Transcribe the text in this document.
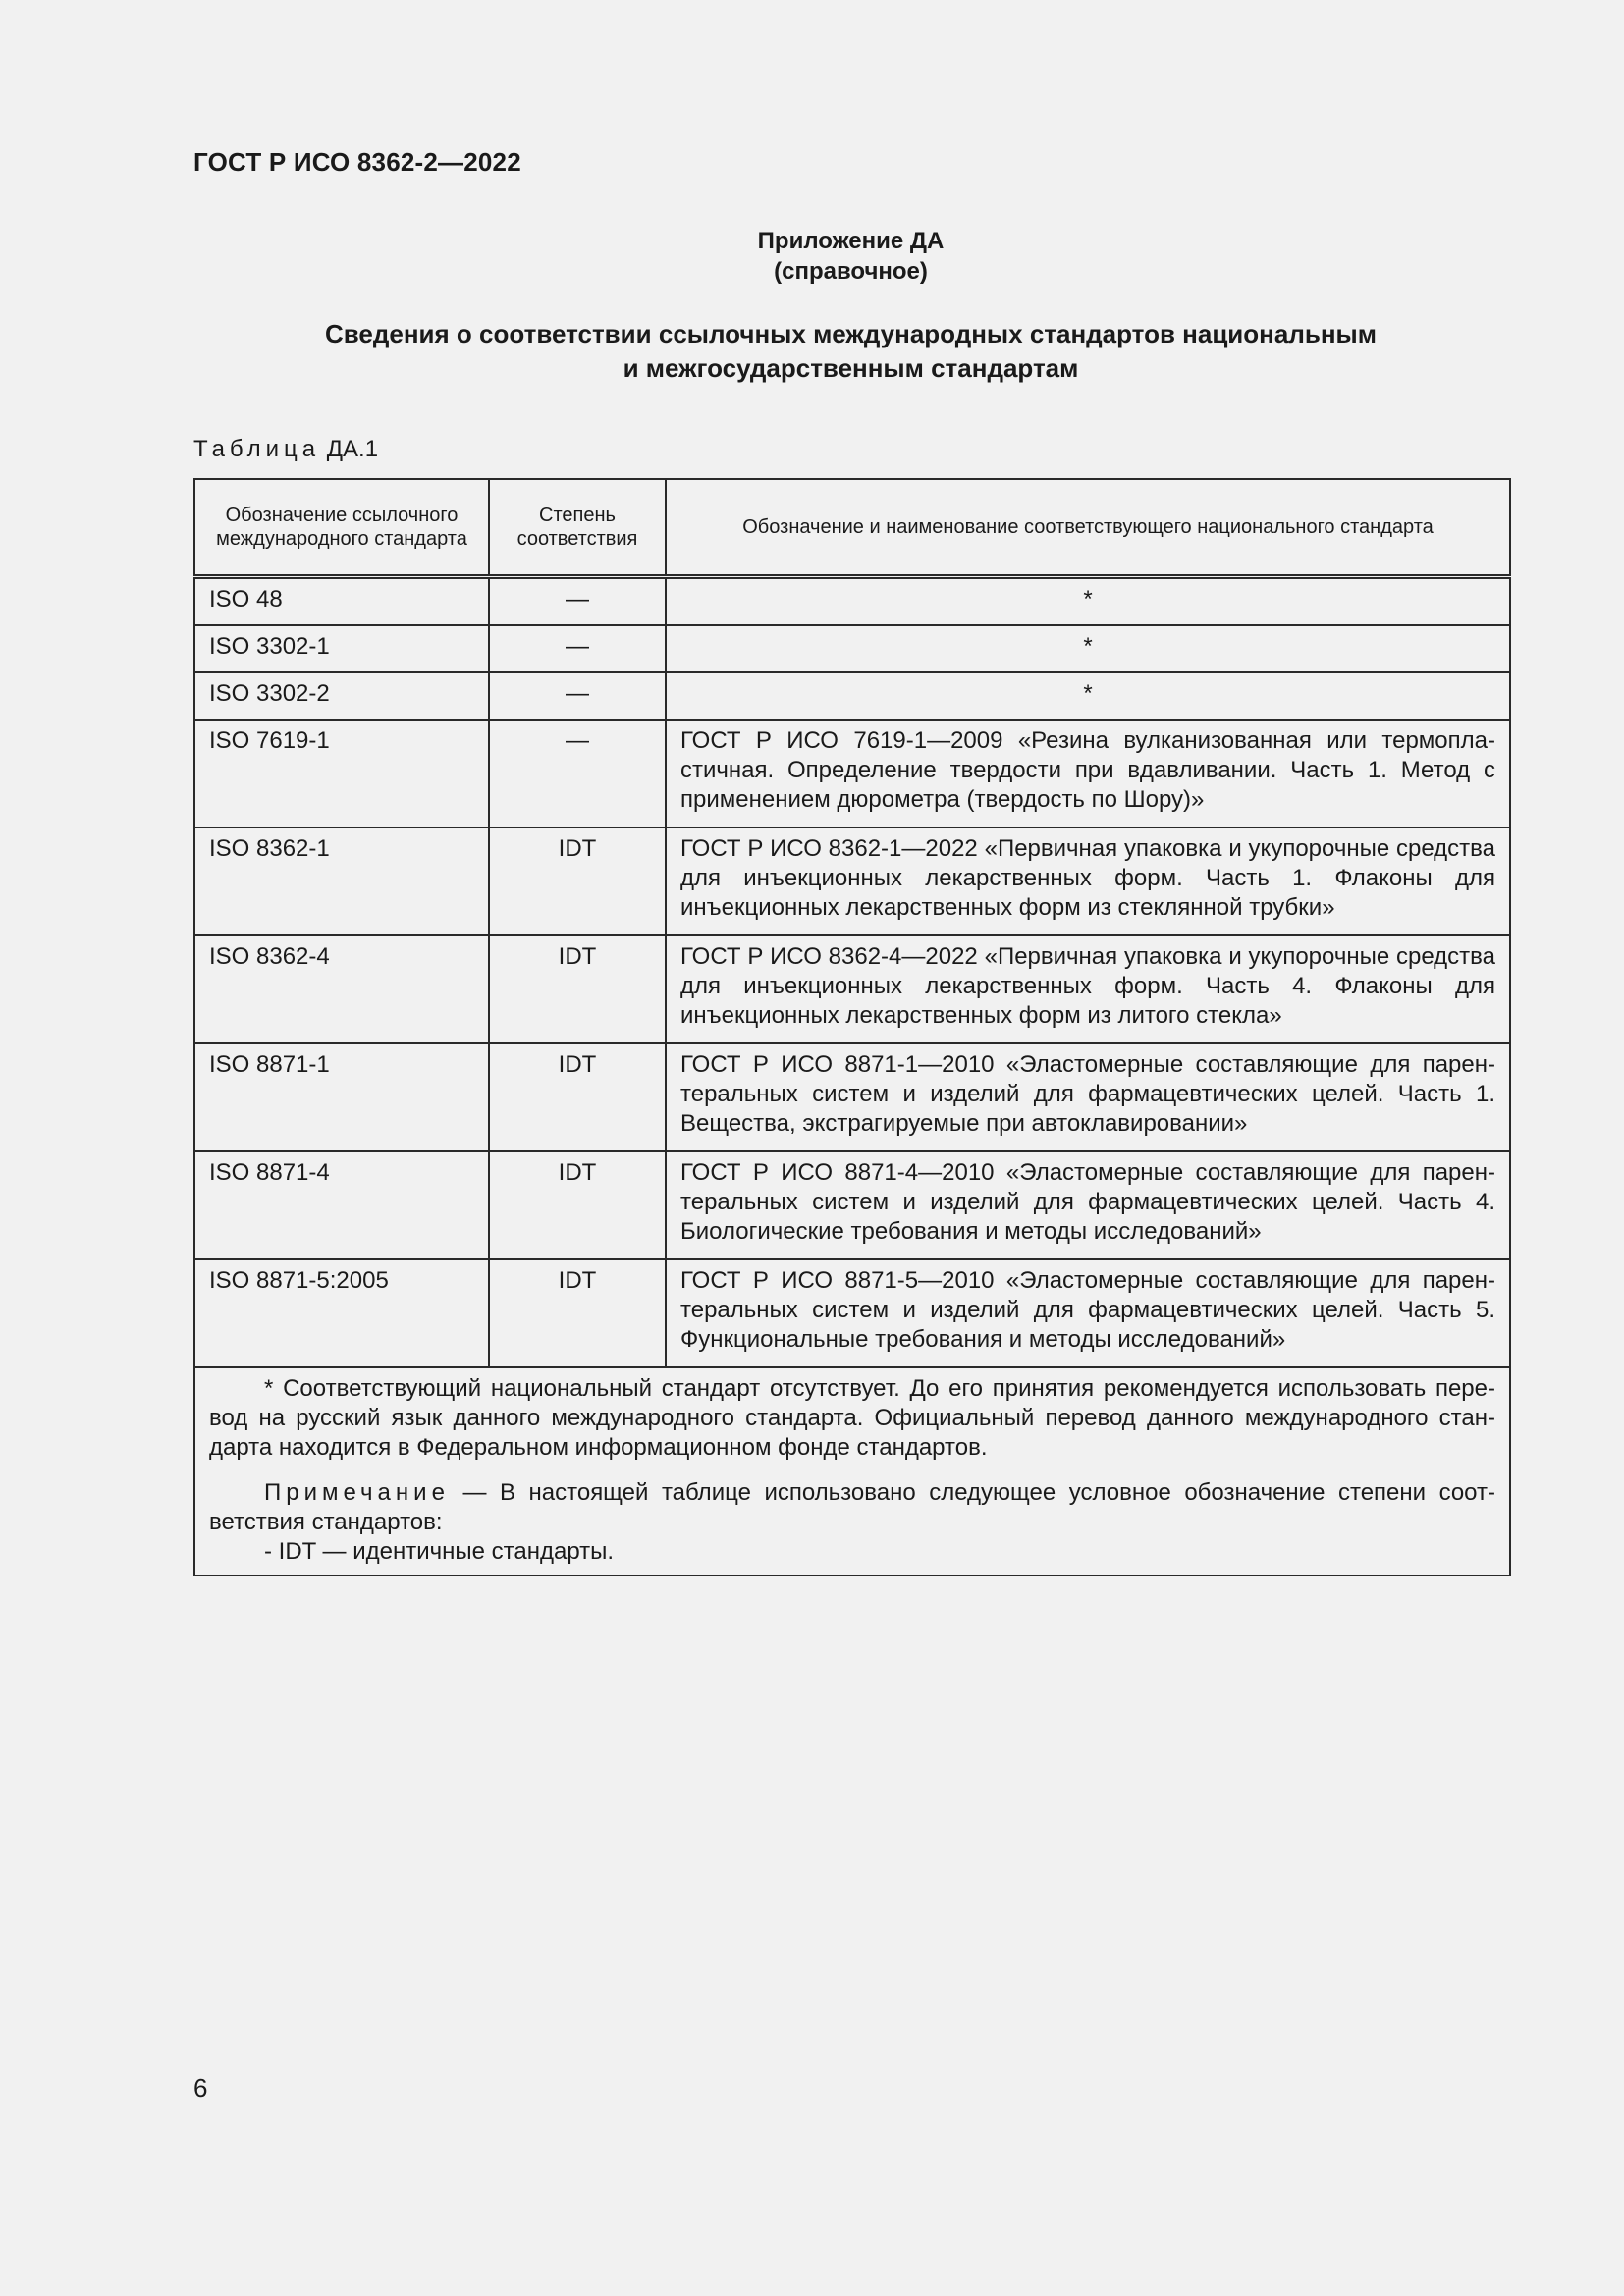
ГОСТ Р ИСО 8362-2—2022
Приложение ДА
(справочное)
Сведения о соответствии ссылочных международных стандартов национальным
и межгосударственным стандартам
Таблица ДА.1
Обозначение ссылочного международного стандарта	Степень соответствия	Обозначение и наименование соответствующего национального стандарта
ISO 48	—	*
ISO 3302-1	—	*
ISO 3302-2	—	*
ISO 7619-1	—	ГОСТ Р ИСО 7619-1—2009 «Резина вулканизованная или термопластичная. Определение твердости при вдавливании. Часть 1. Метод с применением дюрометра (твердость по Шору)»
ISO 8362-1	IDT	ГОСТ Р ИСО 8362-1—2022 «Первичная упаковка и укупорочные средства для инъекционных лекарственных форм. Часть 1. Флаконы для инъекционных лекарственных форм из стеклянной трубки»
ISO 8362-4	IDT	ГОСТ Р ИСО 8362-4—2022 «Первичная упаковка и укупорочные средства для инъекционных лекарственных форм. Часть 4. Флаконы для инъекционных лекарственных форм из литого стекла»
ISO 8871-1	IDT	ГОСТ Р ИСО 8871-1—2010 «Эластомерные составляющие для парентеральных систем и изделий для фармацевтических целей. Часть 1. Вещества, экстрагируемые при автоклавировании»
ISO 8871-4	IDT	ГОСТ Р ИСО 8871-4—2010 «Эластомерные составляющие для парентеральных систем и изделий для фармацевтических целей. Часть 4. Биологические требования и методы исследований»
ISO 8871-5:2005	IDT	ГОСТ Р ИСО 8871-5—2010 «Эластомерные составляющие для парентеральных систем и изделий для фармацевтических целей. Часть 5. Функциональные требования и методы исследований»

* Соответствующий национальный стандарт отсутствует. До его принятия рекомендуется использовать перевод на русский язык данного международного стандарта. Официальный перевод данного международного стандарта находится в Федеральном информационном фонде стандартов.

Примечание — В настоящей таблице использовано следующее условное обозначение степени соответствия стандартов:

- IDT — идентичные стандарты.		

6
